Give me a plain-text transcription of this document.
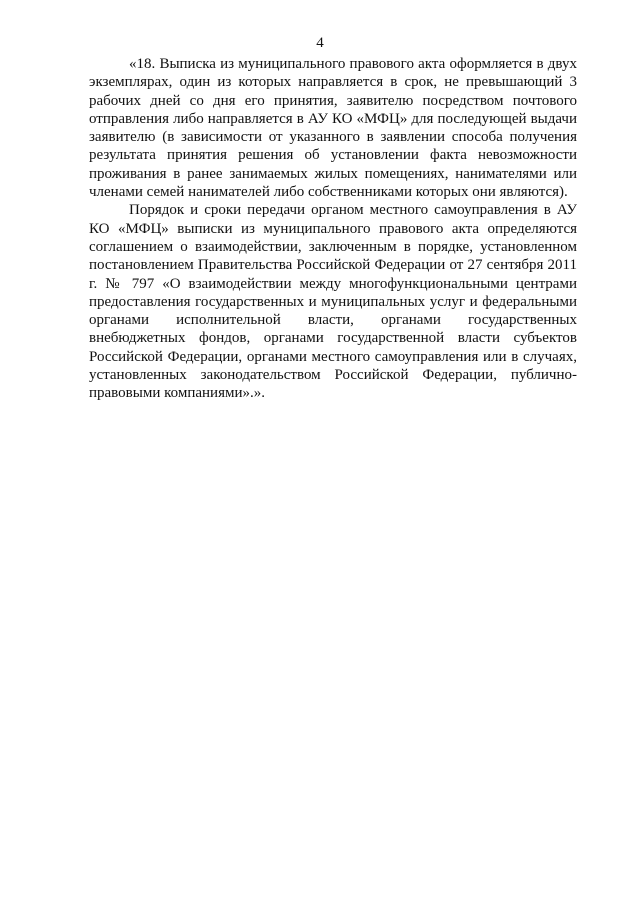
4

«18. Выписка из муниципального правового акта оформляется в двух экземплярах, один из которых направляется в срок, не превышающий 3 рабочих дней со дня его принятия, заявителю посредством почтового отправления либо направляется в АУ КО «МФЦ» для последующей выдачи заявителю (в зависимости от указанного в заявлении способа получения результата принятия решения об установлении факта невозможности проживания в ранее занимаемых жилых помещениях, нанимателями или членами семей нанимателей либо собственниками которых они являются).

Порядок и сроки передачи органом местного самоуправления в АУ КО «МФЦ» выписки из муниципального правового акта определяются соглашением о взаимодействии, заключенным в порядке, установленном постановлением Правительства Российской Федерации от 27 сентября 2011 г. № 797 «О взаимодействии между многофункциональными центрами предоставления государственных и муниципальных услуг и федеральными органами исполнительной власти, органами государственных внебюджетных фондов, органами государственной власти субъектов Российской Федерации, органами местного самоуправления или в случаях, установленных законодательством Российской Федерации, публично-правовыми компаниями».».
